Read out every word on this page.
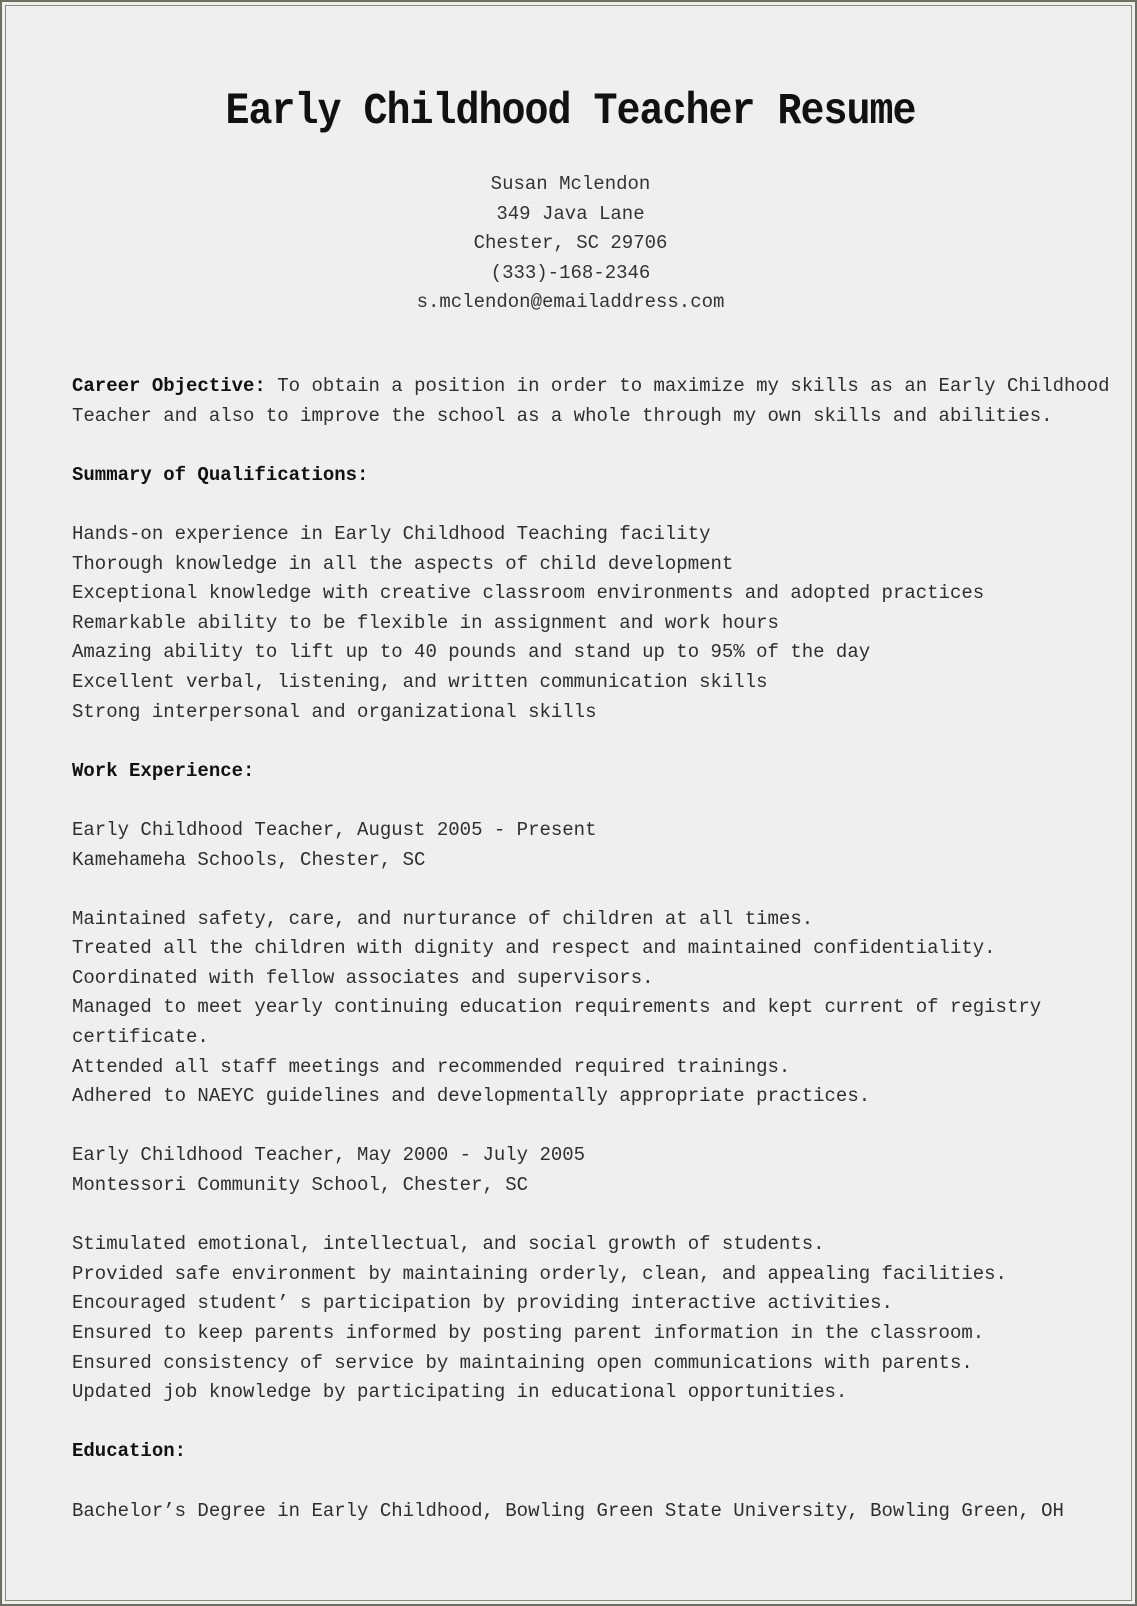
Early Childhood Teacher Resume
Susan Mclendon
349 Java Lane
Chester, SC 29706
(333)-168-2346
s.mclendon@emailaddress.com
Career Objective: To obtain a position in order to maximize my skills as an Early Childhood
Teacher and also to improve the school as a whole through my own skills and abilities.
Summary of Qualifications:
Hands-on experience in Early Childhood Teaching facility
Thorough knowledge in all the aspects of child development
Exceptional knowledge with creative classroom environments and adopted practices
Remarkable ability to be flexible in assignment and work hours
Amazing ability to lift up to 40 pounds and stand up to 95% of the day
Excellent verbal, listening, and written communication skills
Strong interpersonal and organizational skills
Work Experience:
Early Childhood Teacher, August 2005 - Present
Kamehameha Schools, Chester, SC
Maintained safety, care, and nurturance of children at all times.
Treated all the children with dignity and respect and maintained confidentiality.
Coordinated with fellow associates and supervisors.
Managed to meet yearly continuing education requirements and kept current of registry
certificate.
Attended all staff meetings and recommended required trainings.
Adhered to NAEYC guidelines and developmentally appropriate practices.
Early Childhood Teacher, May 2000 - July 2005
Montessori Community School, Chester, SC
Stimulated emotional, intellectual, and social growth of students.
Provided safe environment by maintaining orderly, clean, and appealing facilities.
Encouraged student’ s participation by providing interactive activities.
Ensured to keep parents informed by posting parent information in the classroom.
Ensured consistency of service by maintaining open communications with parents.
Updated job knowledge by participating in educational opportunities.
Education:
Bachelor’s Degree in Early Childhood, Bowling Green State University, Bowling Green, OH
